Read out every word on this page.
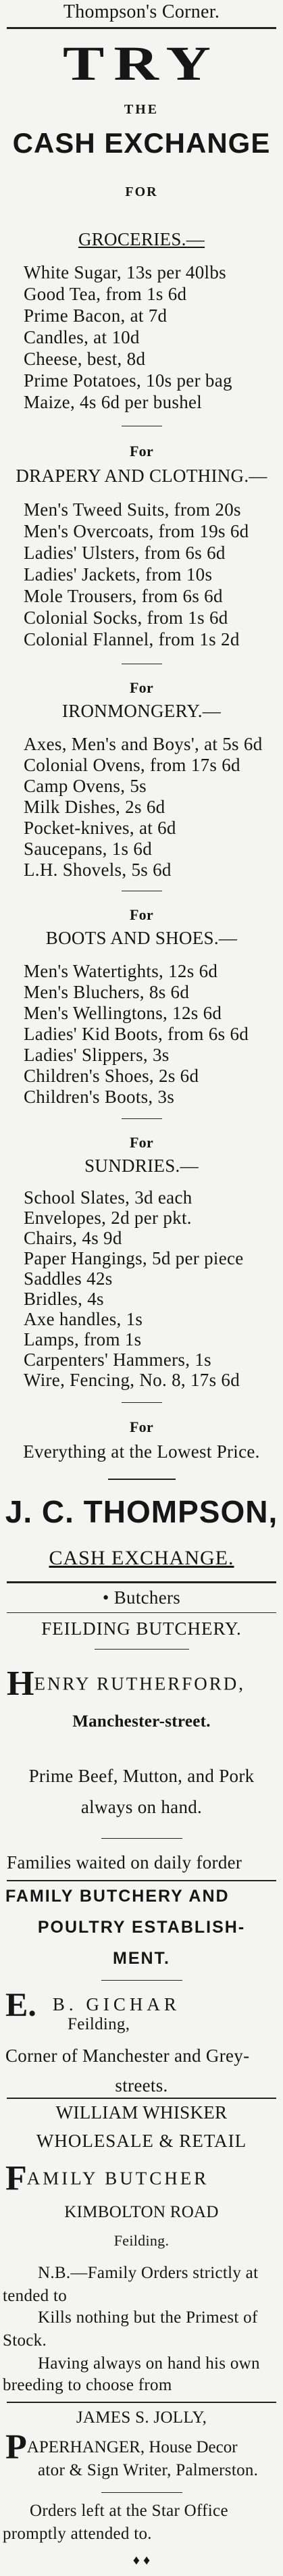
Thompson's Corner.
TRY
THE
CASH EXCHANGE
FOR
GROCERIES.—
White Sugar, 13s per 40lbs
Good Tea, from 1s 6d
Prime Bacon, at 7d
Candles, at 10d
Cheese, best, 8d
Prime Potatoes, 10s per bag
Maize, 4s 6d per bushel
For
DRAPERY AND CLOTHING.—
Men's Tweed Suits, from 20s
Men's Overcoats, from 19s 6d
Ladies' Ulsters, from 6s 6d
Ladies' Jackets, from 10s
Mole Trousers, from 6s 6d
Colonial Socks, from 1s 6d
Colonial Flannel, from 1s 2d
For
IRONMONGERY.—
Axes, Men's and Boys', at 5s 6d
Colonial Ovens, from 17s 6d
Camp Ovens, 5s
Milk Dishes, 2s 6d
Pocket-knives, at 6d
Saucepans, 1s 6d
L.H. Shovels, 5s 6d
For
BOOTS AND SHOES.—
Men's Watertights, 12s 6d
Men's Bluchers, 8s 6d
Men's Wellingtons, 12s 6d
Ladies' Kid Boots, from 6s 6d
Ladies' Slippers, 3s
Children's Shoes, 2s 6d
Children's Boots, 3s
For
SUNDRIES.—
School Slates, 3d each
Envelopes, 2d per pkt.
Chairs, 4s 9d
Paper Hangings, 5d per piece
Saddles 42s
Bridles, 4s
Axe handles, 1s
Lamps, from 1s
Carpenters' Hammers, 1s
Wire, Fencing, No. 8, 17s 6d
For
Everything at the Lowest Price.
J. C. THOMPSON,
CASH EXCHANGE.
• Butchers
FEILDING BUTCHERY.
HENRY RUTHERFORD,
Manchester-street.
Prime Beef, Mutton, and Pork
always on hand.
Families waited on daily forder
FAMILY BUTCHERY AND
POULTRY ESTABLISH-
MENT.
E. B. GICHAR
Feilding,
Corner of Manchester and Grey-
streets.
WILLIAM WHISKER
WHOLESALE & RETAIL
FAMILY BUTCHER
KIMBOLTON ROAD
Feilding.
N.B.—Family Orders strictly at
tended to
Kills nothing but the Primest of
Stock.
Having always on hand his own
breeding to choose from
JAMES S. JOLLY,
PAPERHANGER, House Decor
ator & Sign Writer, Palmerston.
Orders left at the Star Office
promptly attended to.
♦ ♦
